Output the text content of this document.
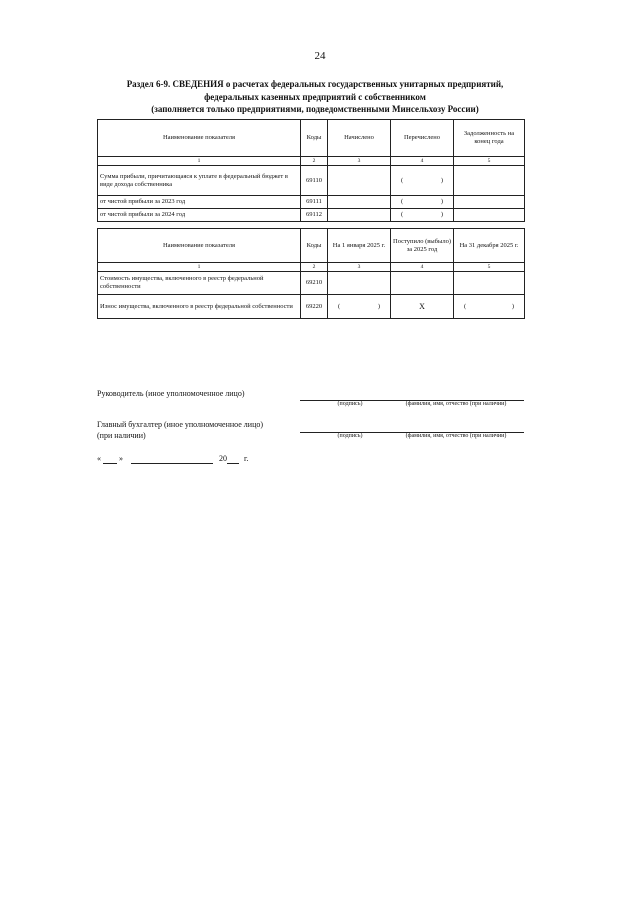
24
Раздел 6-9. СВЕДЕНИЯ о расчетах федеральных государственных унитарных предприятий,
федеральных казенных предприятий с собственником
(заполняется только предприятиями, подведомственными Минсельхозу России)
Наименование показателя	Коды	Начислено	Перечислено	Задолженность на конец года
1	2	3	4	5
Сумма прибыли, причитающаяся к уплате в федеральный бюджет в виде дохода собственника	69110		( )	

от чистой прибыли за 2023 год	69111		( )	

от чистой прибыли за 2024 год	69112		( )	

Наименование показателя	Коды	На 1 января 2025 г.	Поступило (выбыло) за 2025 год	На 31 декабря 2025 г.
1	2	3	4	5
Стоимость имущества, включенного в реестр федеральной собственности	69210			
Износ имущества, включенного в реестр федеральной собственности	69220	( )	X	( )
Руководитель (иное уполномоченное лицо)
(подпись)	(фамилия, имя, отчество (при наличии)
Главный бухгалтер (иное уполномоченное лицо)
(при наличии)	(подпись)	(фамилия, имя, отчество (при наличии)
« »	20 г.
